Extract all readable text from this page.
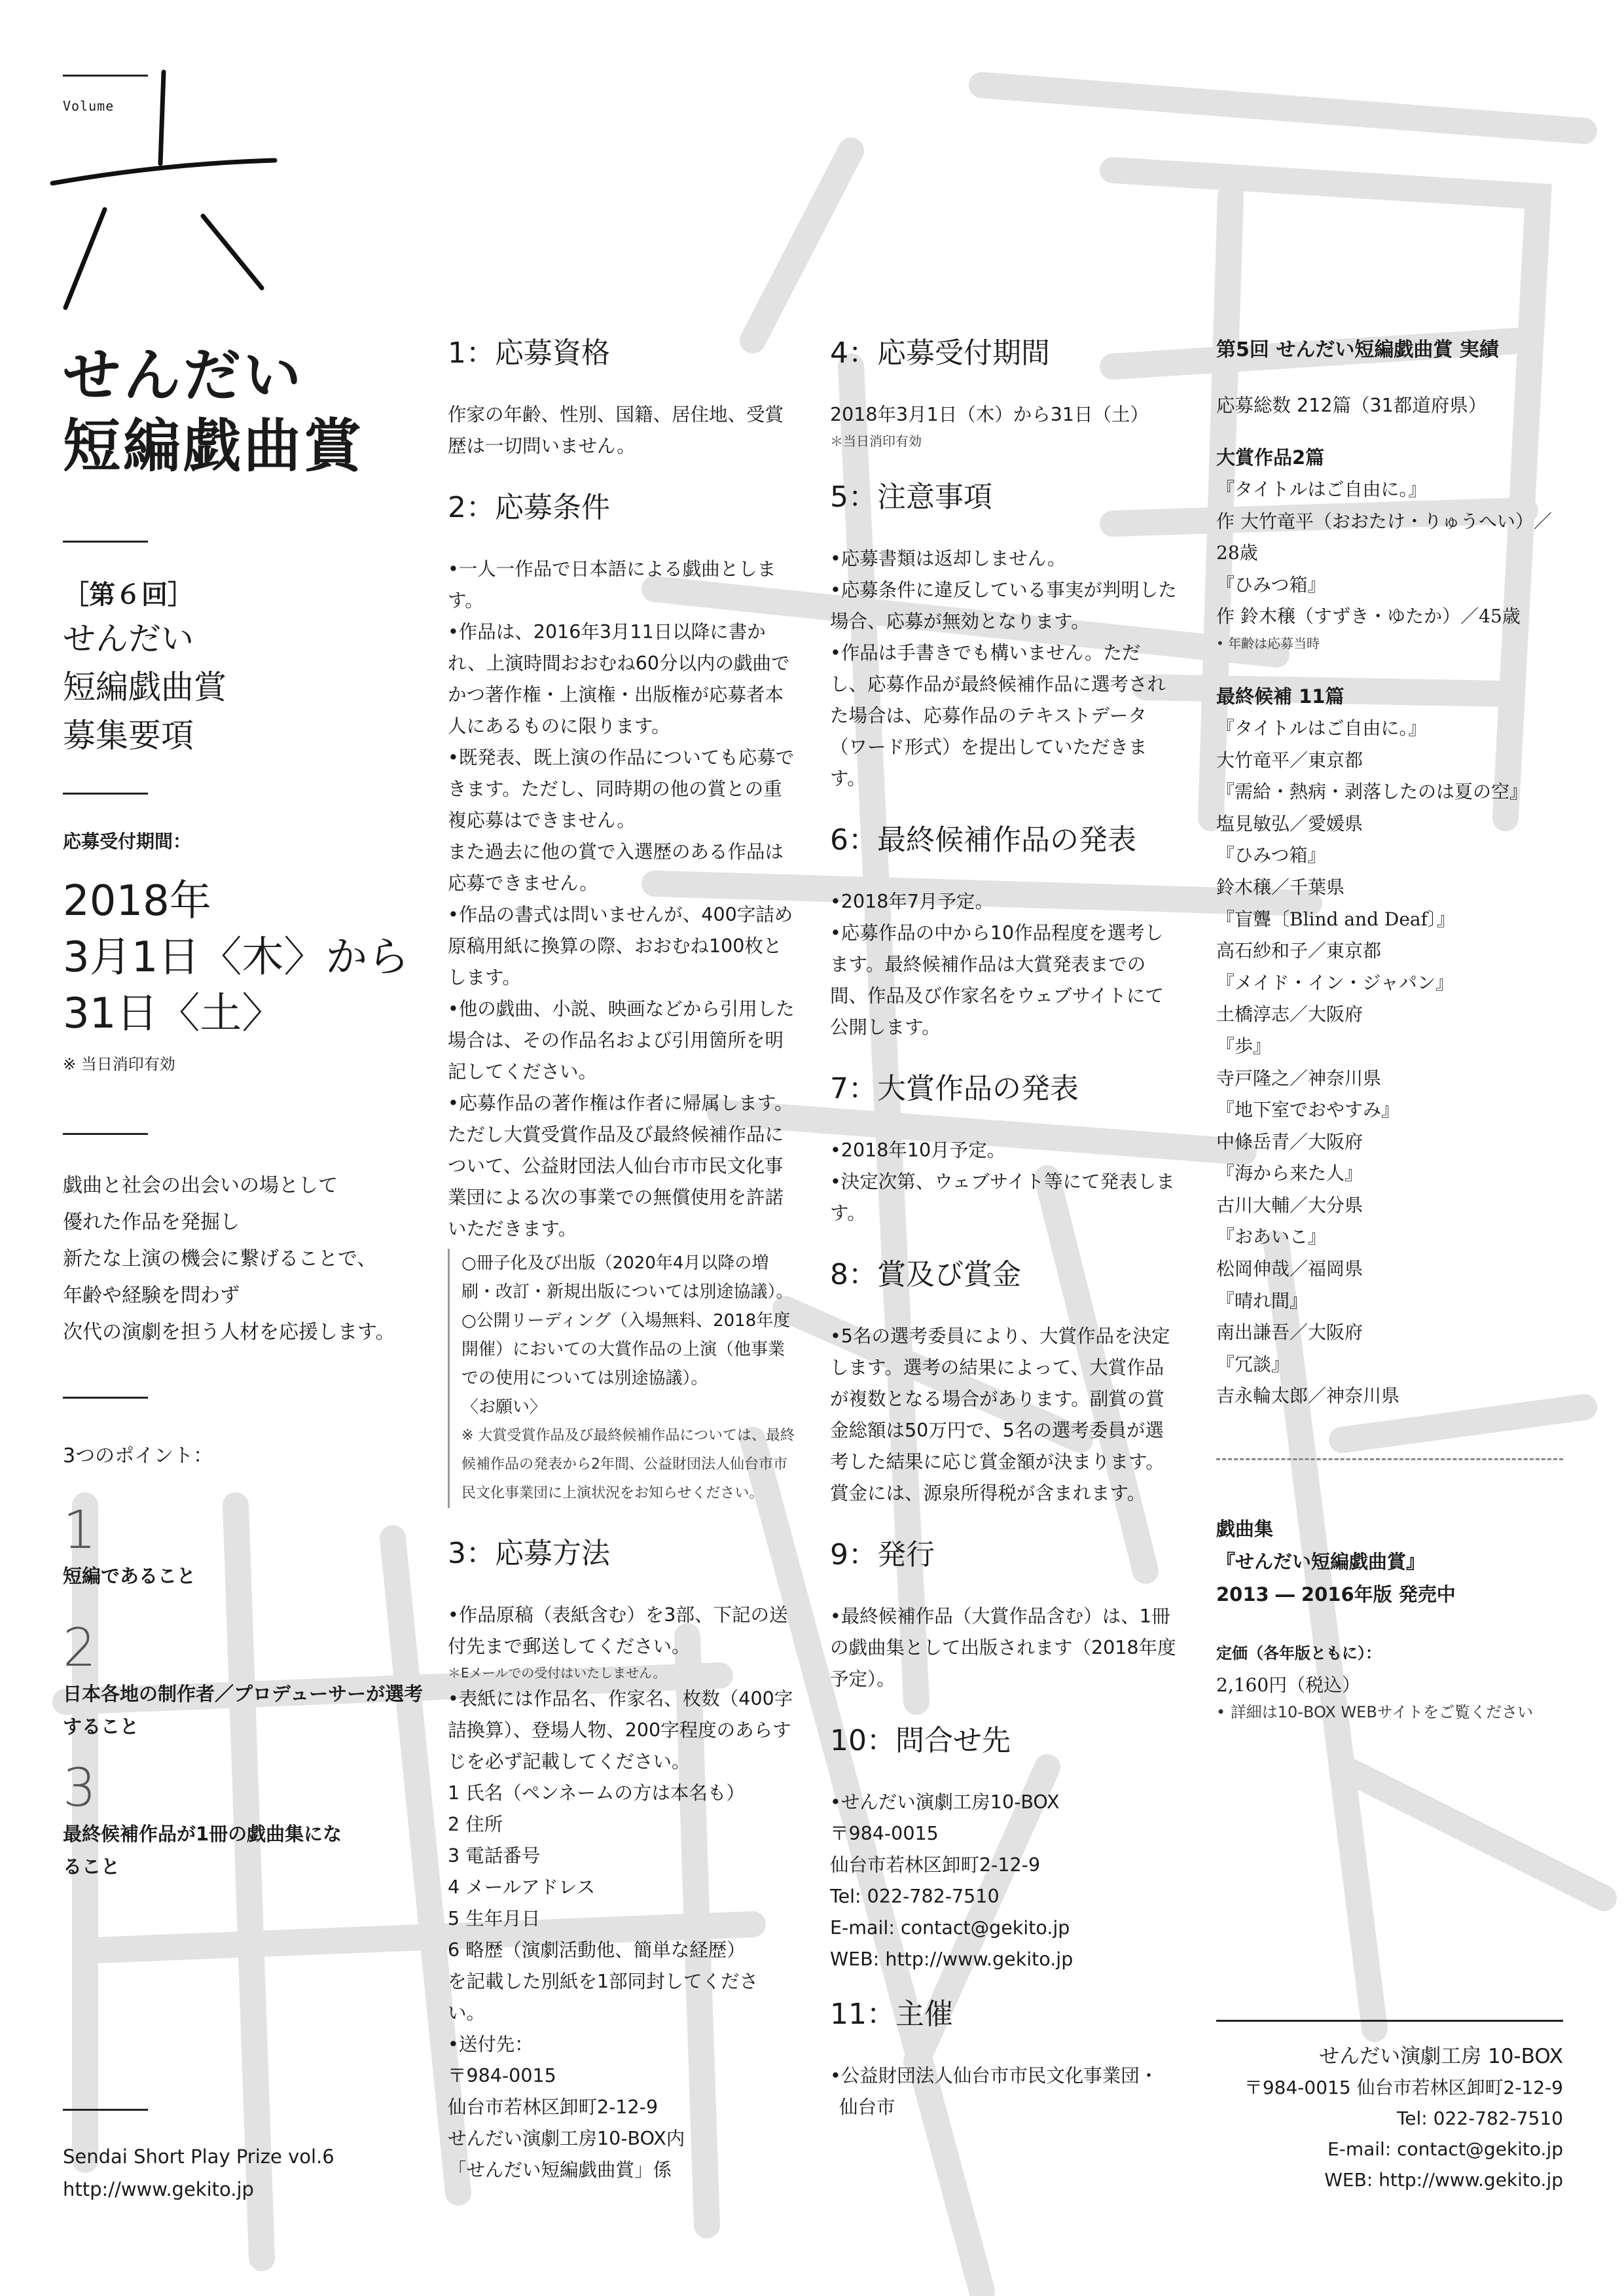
Volume
せんだい
短編戯曲賞
［第６回］
せんだい
短編戯曲賞
募集要項
応募受付期間：
2018年
3月1日〈木〉から
31日〈土〉
※ 当日消印有効
戯曲と社会の出会いの場として
優れた作品を発掘し
新たな上演の機会に繋げることで、
年齢や経験を問わず
次代の演劇を担う人材を応援します。
3つのポイント：
1
短編であること
2
日本各地の制作者／プロデューサーが選考すること
3
最終候補作品が1冊の戯曲集になること
Sendai Short Play Prize vol.6
http://www.gekito.jp
1：応募資格

作家の年齢、性別、国籍、居住地、受賞歴は一切問いません。

2：応募条件

•一人一作品で日本語による戯曲とします。

•作品は、2016年3月11日以降に書かれ、上演時間おおむね60分以内の戯曲でかつ著作権・上演権・出版権が応募者本人にあるものに限ります。

•既発表、既上演の作品についても応募できます。ただし、同時期の他の賞との重複応募はできません。

また過去に他の賞で入選歴のある作品は応募できません。

•作品の書式は問いませんが、400字詰め原稿用紙に換算の際、おおむね100枚とします。

•他の戯曲、小説、映画などから引用した場合は、その作品名および引用箇所を明記してください。

•応募作品の著作権は作者に帰属します。ただし大賞受賞作品及び最終候補作品について、公益財団法人仙台市市民文化事業団による次の事業での無償使用を許諾いただきます。

○冊子化及び出版（2020年4月以降の増刷・改訂・新規出版については別途協議）。
○公開リーディング（入場無料、2018年度開催）においての大賞作品の上演（他事業での使用については別途協議）。
〈お願い〉
※ 大賞受賞作品及び最終候補作品については、最終候補作品の発表から2年間、公益財団法人仙台市市民文化事業団に上演状況をお知らせください。
3：応募方法

•作品原稿（表紙含む）を3部、下記の送付先まで郵送してください。

＊Eメールでの受付はいたしません。

•表紙には作品名、作家名、枚数（400字詰換算）、登場人物、200字程度のあらすじを必ず記載してください。

1 氏名（ペンネームの方は本名も）

2 住所

3 電話番号

4 メールアドレス

5 生年月日

6 略歴（演劇活動他、簡単な経歴）

を記載した別紙を1部同封してください。

•送付先：

〒984-0015

仙台市若林区卸町2-12-9

せんだい演劇工房10-BOX内

「せんだい短編戯曲賞」係

4：応募受付期間

2018年3月1日（木）から31日（土）

＊当日消印有効
5：注意事項

•応募書類は返却しません。

•応募条件に違反している事実が判明した場合、応募が無効となります。

•作品は手書きでも構いません。ただし、応募作品が最終候補作品に選考された場合は、応募作品のテキストデータ（ワード形式）を提出していただきます。

6：最終候補作品の発表

•2018年7月予定。

•応募作品の中から10作品程度を選考します。最終候補作品は大賞発表までの間、作品及び作家名をウェブサイトにて公開します。

7：大賞作品の発表

•2018年10月予定。

•決定次第、ウェブサイト等にて発表します。

8：賞及び賞金

•5名の選考委員により、大賞作品を決定します。選考の結果によって、大賞作品が複数となる場合があります。副賞の賞金総額は50万円で、5名の選考委員が選考した結果に応じ賞金額が決まります。賞金には、源泉所得税が含まれます。

9：発行

•最終候補作品（大賞作品含む）は、1冊の戯曲集として出版されます（2018年度予定）。

10：問合せ先

•せんだい演劇工房10-BOX

〒984-0015

仙台市若林区卸町2-12-9

Tel: 022-782-7510

E-mail: contact@gekito.jp

WEB: http://www.gekito.jp

11：主催

•公益財団法人仙台市市民文化事業団・

仙台市

第5回 せんだい短編戯曲賞 実績
応募総数 212篇（31都道府県）
大賞作品2篇
『タイトルはご自由に。』
作 大竹竜平（おおたけ・りゅうへい）／28歳
『ひみつ箱』
作 鈴木穣（すずき・ゆたか）／45歳
• 年齢は応募当時
最終候補 11篇
『タイトルはご自由に。』
大竹竜平／東京都
『需給・熱病・剥落したのは夏の空』
塩見敏弘／愛媛県
『ひみつ箱』
鈴木穣／千葉県
『盲聾〔Blind and Deaf〕』
高石紗和子／東京都
『メイド・イン・ジャパン』
土橋淳志／大阪府
『歩』
寺戸隆之／神奈川県
『地下室でおやすみ』
中條岳青／大阪府
『海から来た人』
古川大輔／大分県
『おあいこ』
松岡伸哉／福岡県
『晴れ間』
南出謙吾／大阪府
『冗談』
吉永輪太郎／神奈川県
戯曲集
『せんだい短編戯曲賞』
2013 ― 2016年版 発売中
定価（各年版ともに）：
2,160円（税込）
• 詳細は10-BOX WEBサイトをご覧ください
せんだい演劇工房 10-BOX
〒984-0015 仙台市若林区卸町2-12-9
Tel: 022-782-7510
E-mail: contact@gekito.jp
WEB: http://www.gekito.jp
